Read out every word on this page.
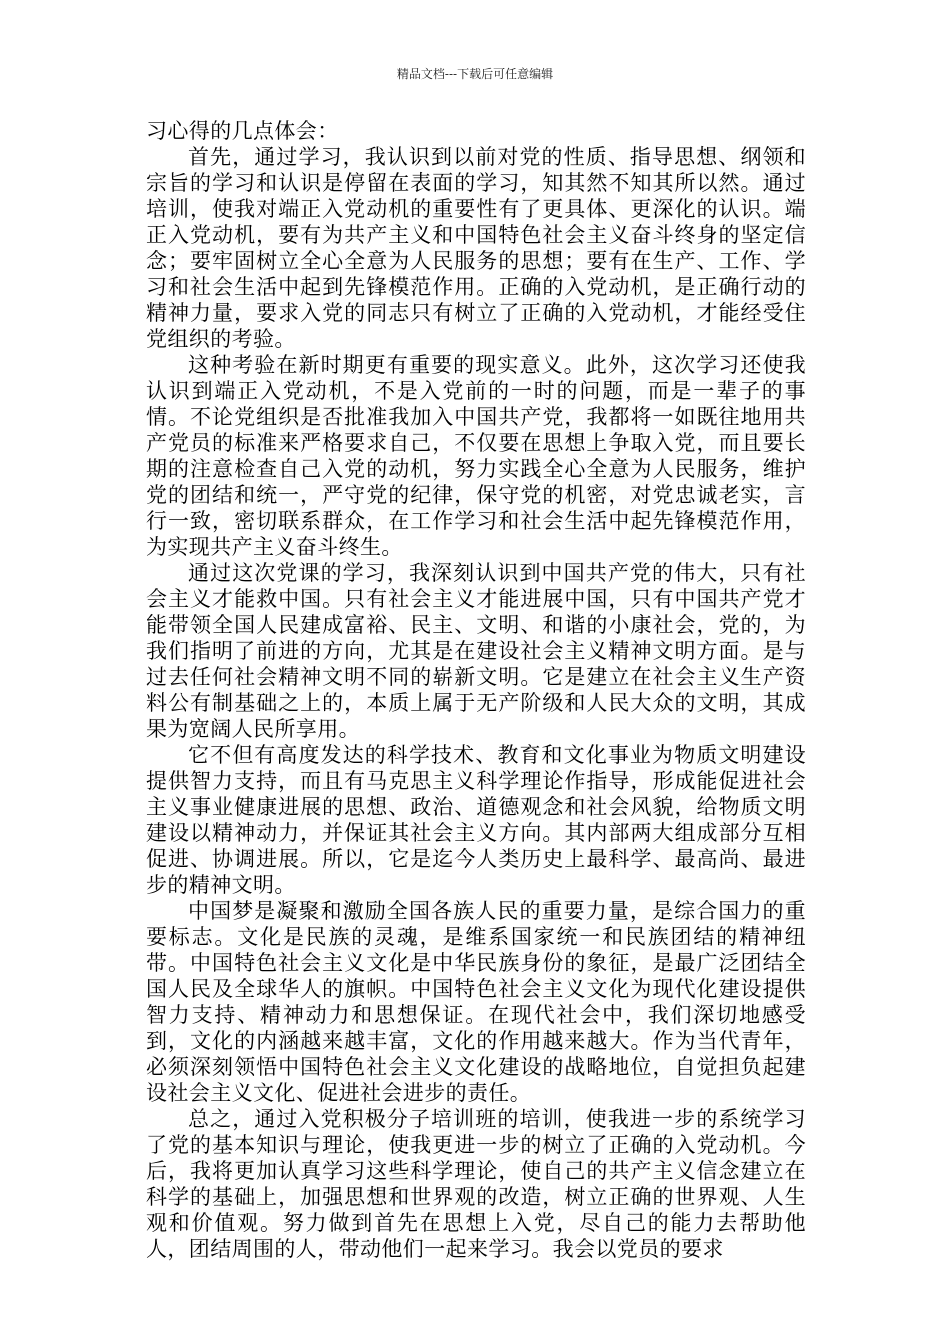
精品文档---下载后可任意编辑

习心得的几点体会：

首先，通过学习，我认识到以前对党的性质、指导思想、纲领和宗旨的学习和认识是停留在表面的学习，知其然不知其所以然。通过培训，使我对端正入党动机的重要性有了更具体、更深化的认识。端正入党动机，要有为共产主义和中国特色社会主义奋斗终身的坚定信念；要牢固树立全心全意为人民服务的思想；要有在生产、工作、学习和社会生活中起到先锋模范作用。正确的入党动机，是正确行动的精神力量，要求入党的同志只有树立了正确的入党动机，才能经受住党组织的考验。

这种考验在新时期更有重要的现实意义。此外，这次学习还使我认识到端正入党动机，不是入党前的一时的问题，而是一辈子的事情。不论党组织是否批准我加入中国共产党，我都将一如既往地用共产党员的标准来严格要求自己，不仅要在思想上争取入党，而且要长期的注意检查自己入党的动机，努力实践全心全意为人民服务，维护党的团结和统一，严守党的纪律，保守党的机密，对党忠诚老实，言行一致，密切联系群众，在工作学习和社会生活中起先锋模范作用，为实现共产主义奋斗终生。

通过这次党课的学习，我深刻认识到中国共产党的伟大，只有社会主义才能救中国。只有社会主义才能进展中国，只有中国共产党才能带领全国人民建成富裕、民主、文明、和谐的小康社会，党的，为我们指明了前进的方向，尤其是在建设社会主义精神文明方面。是与过去任何社会精神文明不同的崭新文明。它是建立在社会主义生产资料公有制基础之上的，本质上属于无产阶级和人民大众的文明，其成果为宽阔人民所享用。

它不但有高度发达的科学技术、教育和文化事业为物质文明建设提供智力支持，而且有马克思主义科学理论作指导，形成能促进社会主义事业健康进展的思想、政治、道德观念和社会风貌，给物质文明建设以精神动力，并保证其社会主义方向。其内部两大组成部分互相促进、协调进展。所以，它是迄今人类历史上最科学、最高尚、最进步的精神文明。

中国梦是凝聚和激励全国各族人民的重要力量，是综合国力的重要标志。文化是民族的灵魂，是维系国家统一和民族团结的精神纽带。中国特色社会主义文化是中华民族身份的象征，是最广泛团结全国人民及全球华人的旗帜。中国特色社会主义文化为现代化建设提供智力支持、精神动力和思想保证。在现代社会中，我们深切地感受到，文化的内涵越来越丰富，文化的作用越来越大。作为当代青年，必须深刻领悟中国特色社会主义文化建设的战略地位，自觉担负起建设社会主义文化、促进社会进步的责任。

总之，通过入党积极分子培训班的培训，使我进一步的系统学习了党的基本知识与理论，使我更进一步的树立了正确的入党动机。今后，我将更加认真学习这些科学理论，使自己的共产主义信念建立在科学的基础上，加强思想和世界观的改造，树立正确的世界观、人生观和价值观。努力做到首先在思想上入党，尽自己的能力去帮助他人，团结周围的人，带动他们一起来学习。我会以党员的要求
